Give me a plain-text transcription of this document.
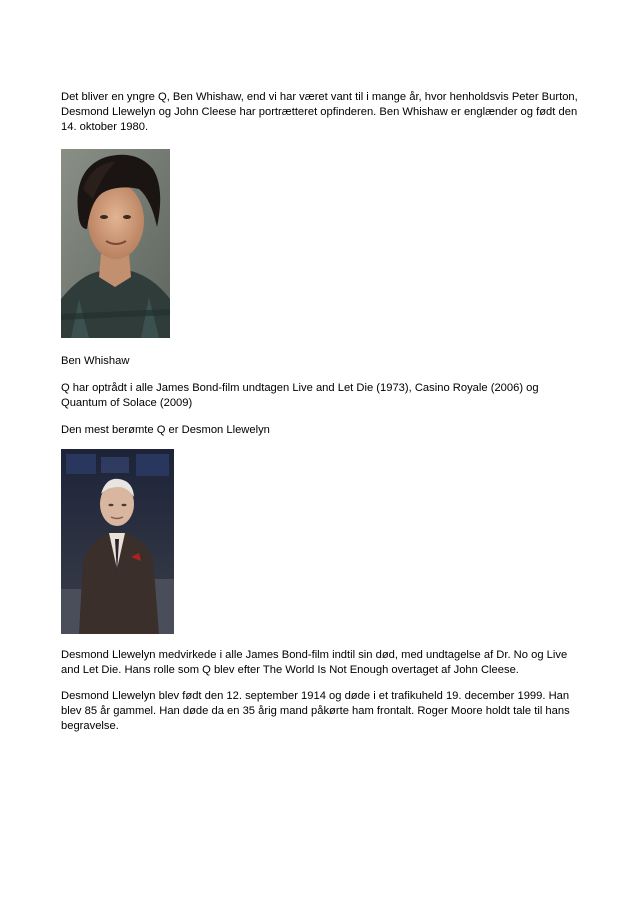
Det bliver en yngre Q, Ben Whishaw, end vi har været vant til i mange år, hvor henholdsvis Peter Burton, Desmond Llewelyn og John Cleese har portrætteret opfinderen. Ben Whishaw er englænder og født den 14. oktober 1980.

Ben Whishaw

Q har optrådt i alle James Bond-film undtagen Live and Let Die (1973), Casino Royale (2006) og Quantum of Solace (2009)

Den mest berømte Q er Desmon Llewelyn

Desmond Llewelyn medvirkede i alle James Bond-film indtil sin død, med undtagelse af Dr. No og Live and Let Die. Hans rolle som Q blev efter The World Is Not Enough overtaget af John Cleese.

Desmond Llewelyn blev født den 12. september 1914 og døde i et trafikuheld 19. december 1999. Han blev 85 år gammel. Han døde da en 35 årig mand påkørte ham frontalt. Roger Moore holdt tale til hans begravelse.
